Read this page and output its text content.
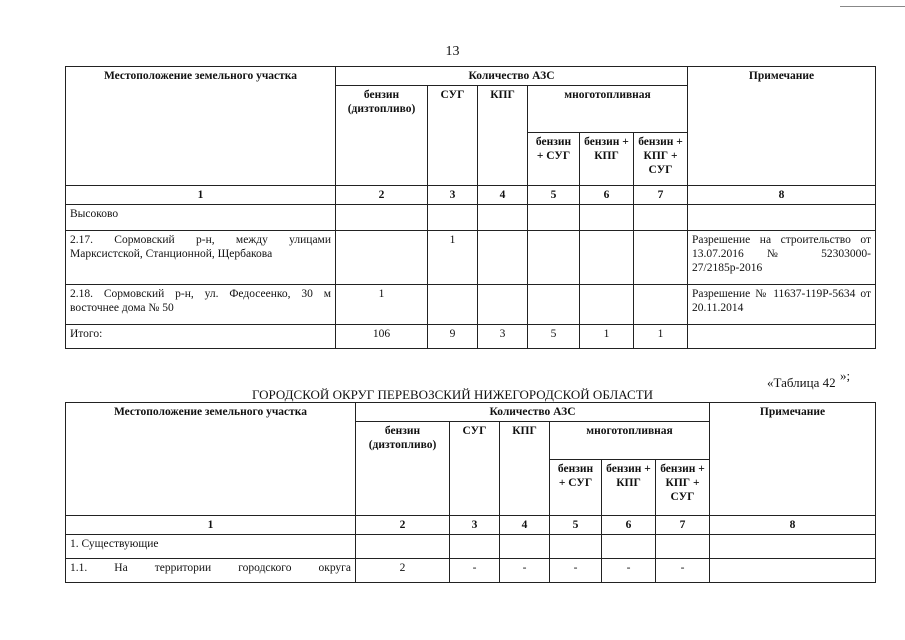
13
Местоположение земельного участка	Количество АЗС						Примечание
	бензин (дизтопливо)	СУГ	КПГ	многотопливная			
				бензин + СУГ	бензин + КПГ	бензин + КПГ + СУГ	
1	2	3	4	5	6	7	8
Высоково							
2.17. Сормовский р-н, между улицами Марксистской, Станционной, Щербакова		1					Разрешение на строительство от 13.07.2016 № 52303000-27/2185р-2016
2.18. Сормовский р-н, ул. Федосеенко, 30 м восточнее дома № 50	1						Разрешение № 11637-119Р-5634 от 20.11.2014
Итого:	106	9	3	5	1	1	
»;
«Таблица 42
ГОРОДСКОЙ ОКРУГ ПЕРЕВОЗСКИЙ НИЖЕГОРОДСКОЙ ОБЛАСТИ
Местоположение земельного участка	Количество АЗС						Примечание
	бензин (дизтопливо)	СУГ	КПГ	многотопливная			
				бензин + СУГ	бензин + КПГ	бензин + КПГ + СУГ	
1	2	3	4	5	6	7	8
1. Существующие							
1.1. На территории городского округа	2	-	-	-	-	-	
